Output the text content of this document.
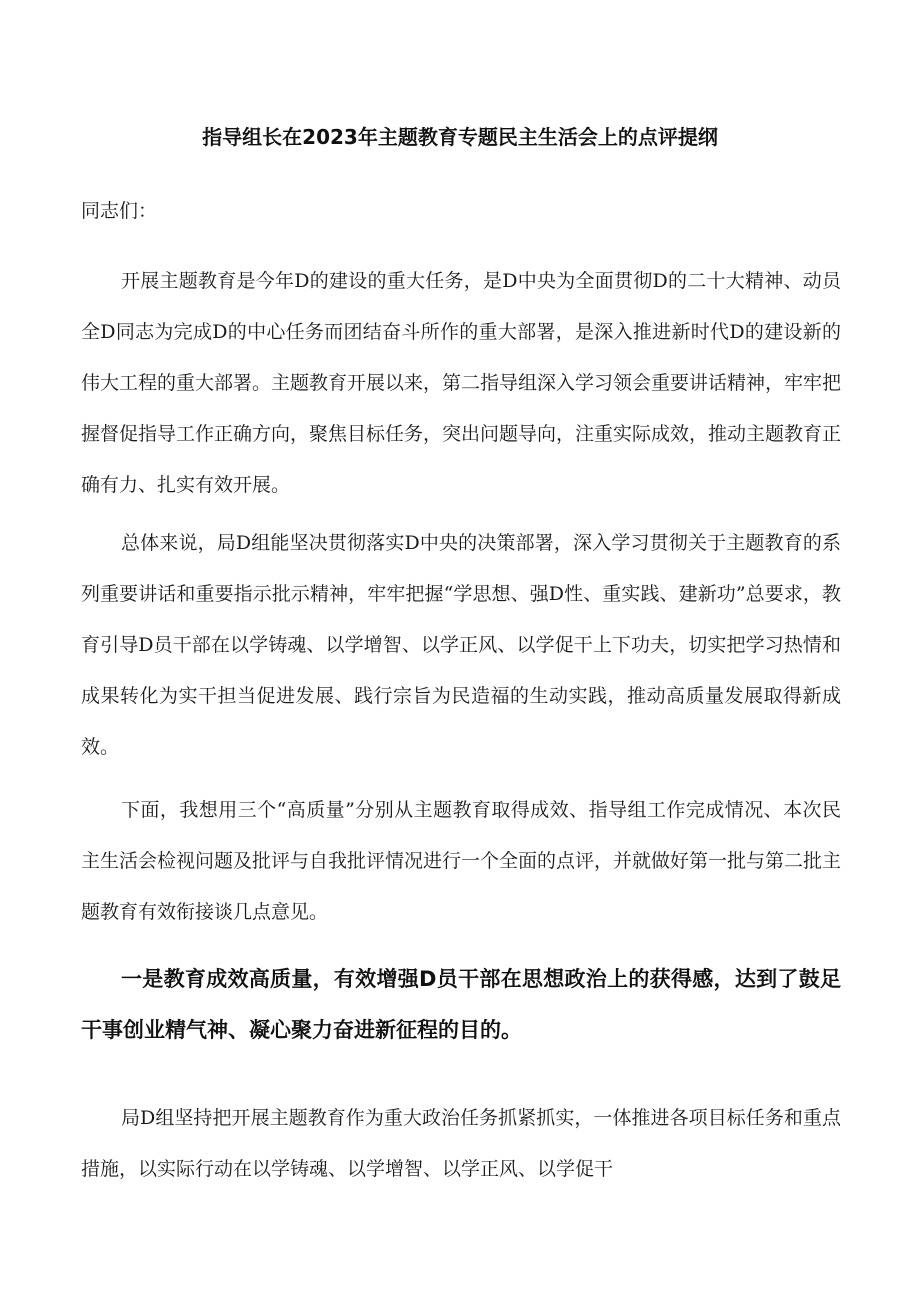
指导组长在2023年主题教育专题民主生活会上的点评提纲
同志们：
开展主题教育是今年D的建设的重大任务，是D中央为全面贯彻D的二十大精神、动员全D同志为完成D的中心任务而团结奋斗所作的重大部署，是深入推进新时代D的建设新的伟大工程的重大部署。主题教育开展以来，第二指导组深入学习领会重要讲话精神，牢牢把握督促指导工作正确方向，聚焦目标任务，突出问题导向，注重实际成效，推动主题教育正确有力、扎实有效开展。
总体来说，局D组能坚决贯彻落实D中央的决策部署，深入学习贯彻关于主题教育的系列重要讲话和重要指示批示精神，牢牢把握“学思想、强D性、重实践、建新功”总要求，教育引导D员干部在以学铸魂、以学增智、以学正风、以学促干上下功夫，切实把学习热情和成果转化为实干担当促进发展、践行宗旨为民造福的生动实践，推动高质量发展取得新成效。
下面，我想用三个“高质量”分别从主题教育取得成效、指导组工作完成情况、本次民主生活会检视问题及批评与自我批评情况进行一个全面的点评，并就做好第一批与第二批主题教育有效衔接谈几点意见。
一是教育成效高质量，有效增强D员干部在思想政治上的获得感，达到了鼓足干事创业精气神、凝心聚力奋进新征程的目的。
局D组坚持把开展主题教育作为重大政治任务抓紧抓实，一体推进各项目标任务和重点措施，以实际行动在以学铸魂、以学增智、以学正风、以学促干
